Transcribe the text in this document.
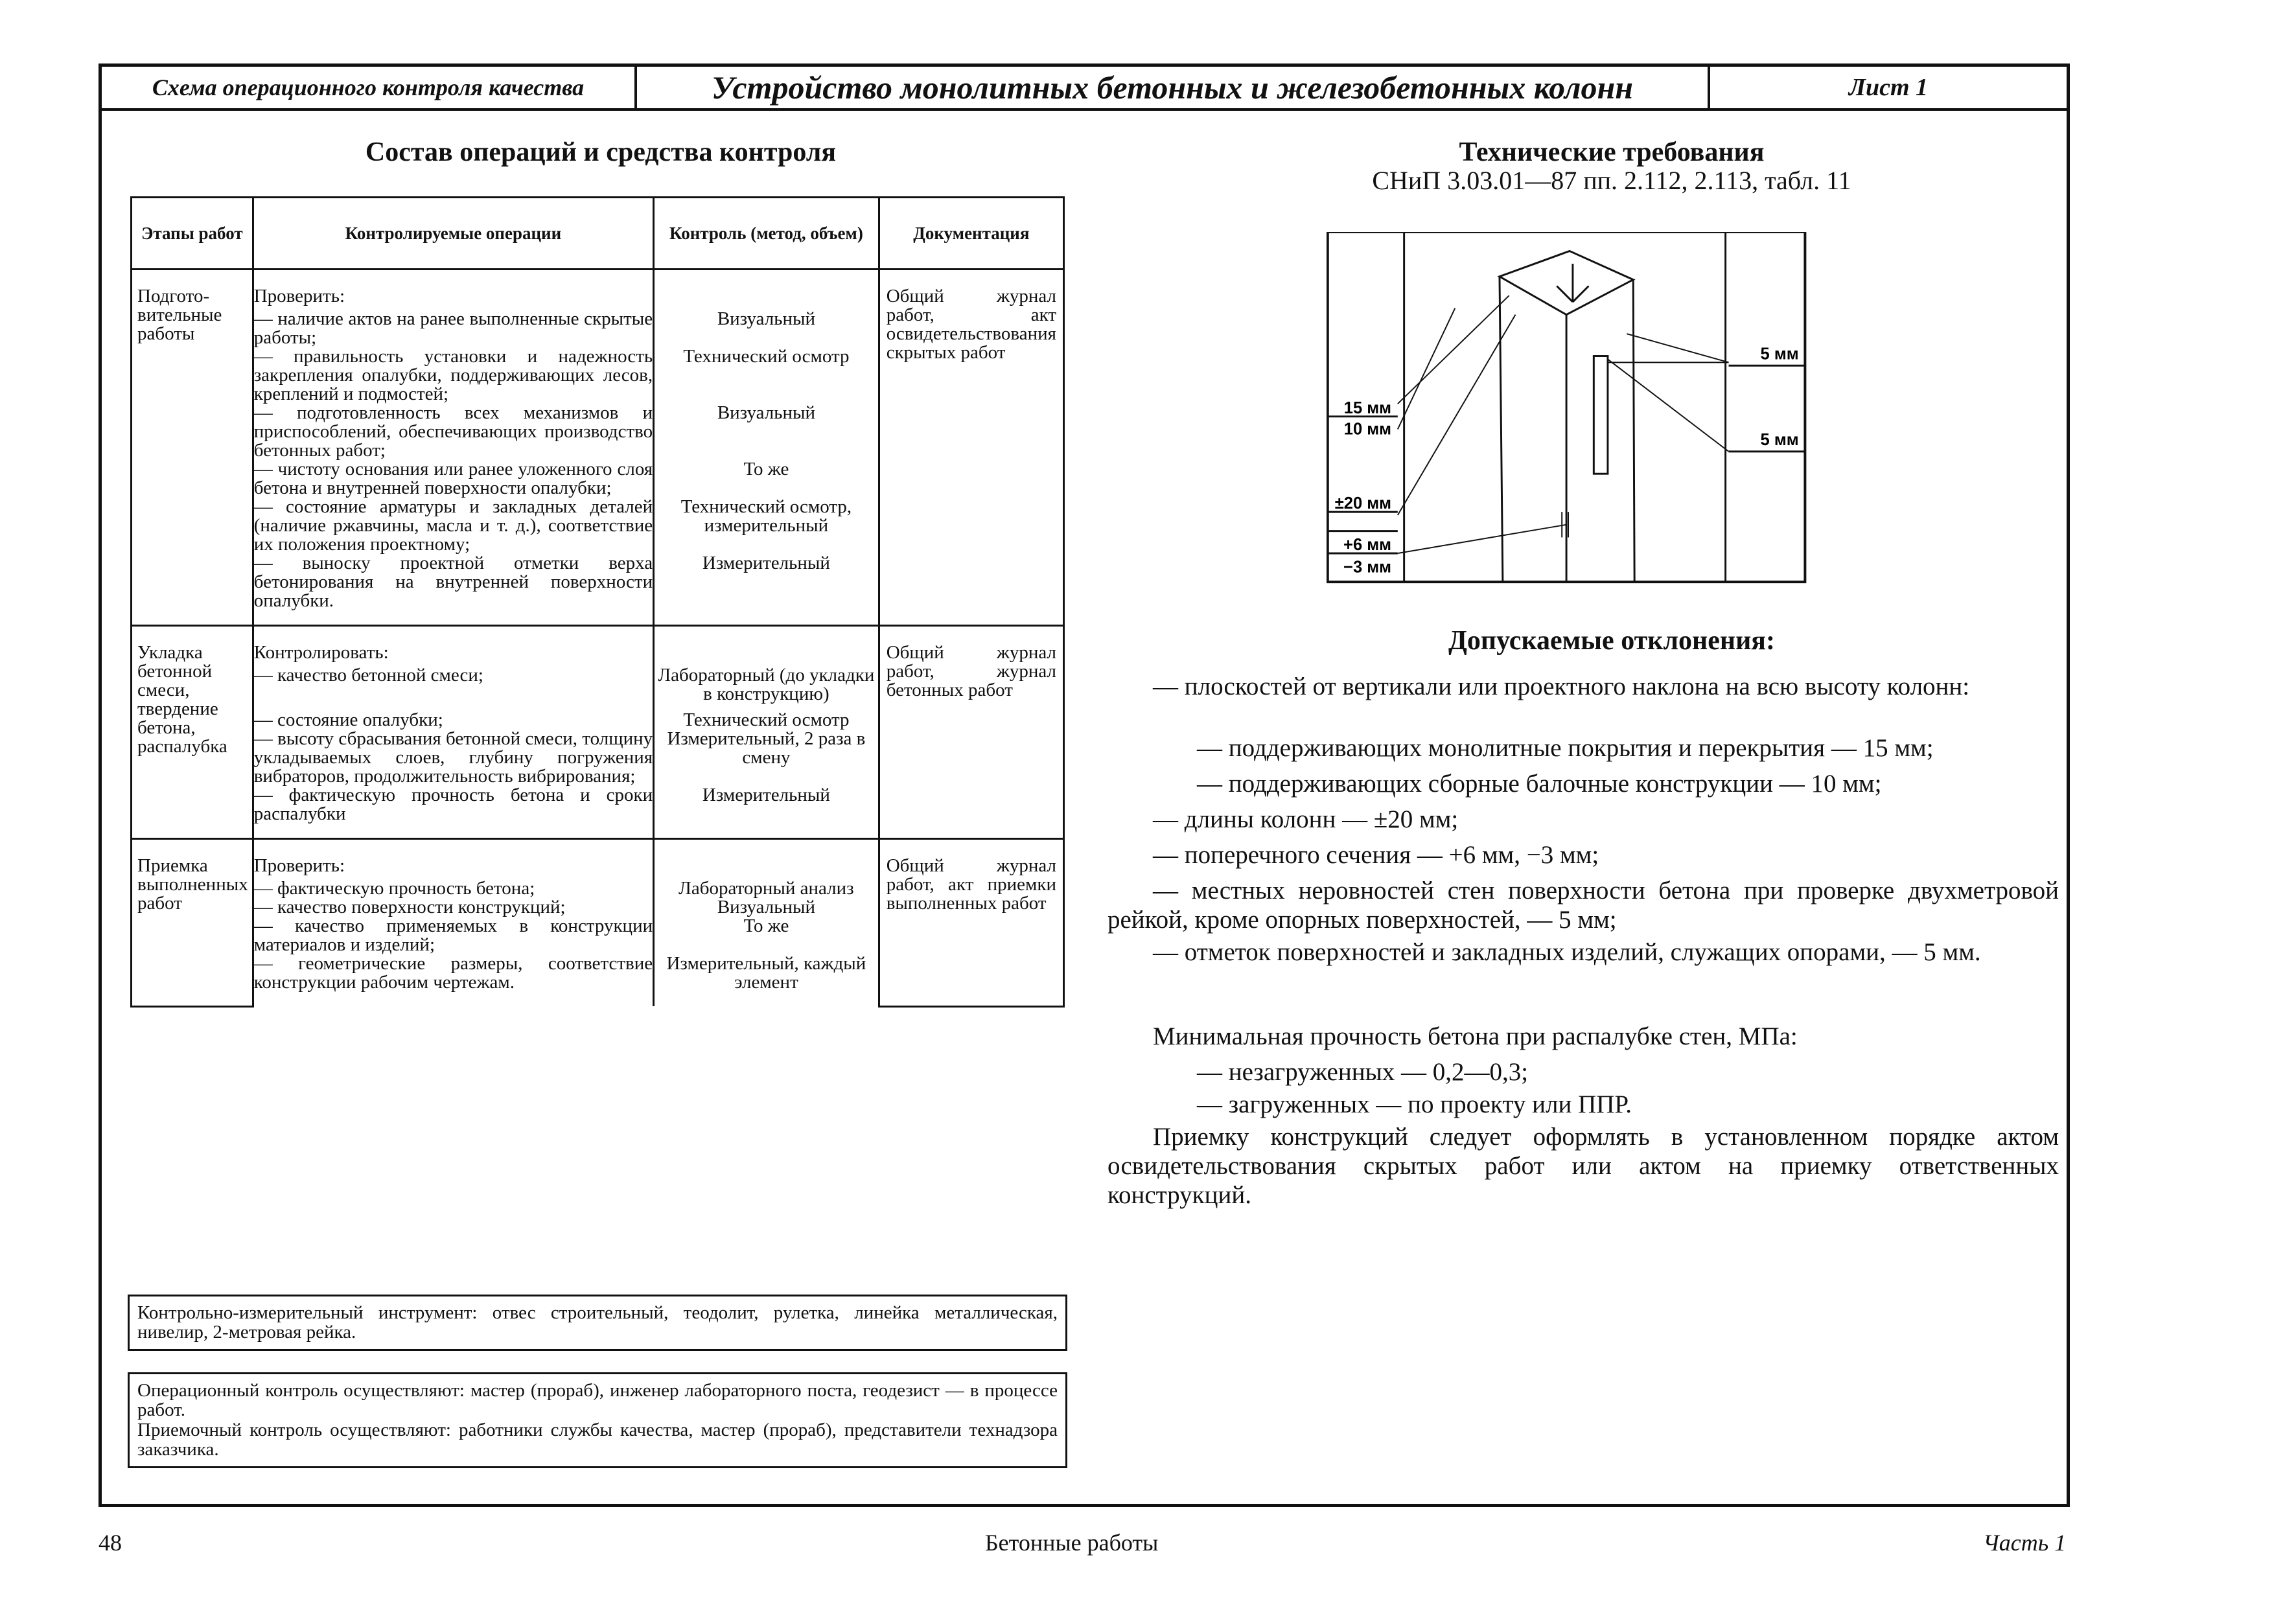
Схема операционного контроля качества	Устройство монолитных бетонных и железобетонных колонн	Лист 1
Состав операций и средства контроля
Этапы работ	Контролируемые операции	Контроль (метод, объем)	Документация
Подгото-вительные работы	Проверить:		Общий журнал работ, акт освидетельствования скрытых работ
	— наличие актов на ранее выполненные скрытые работы;	Визуальный	
	— правильность установки и надежность закрепления опалубки, поддерживающих лесов, креплений и подмостей;	Технический осмотр	
	— подготовленность всех механизмов и приспособлений, обеспечивающих производство бетонных работ;	Визуальный	
	— чистоту основания или ранее уложенного слоя бетона и внутренней поверхности опалубки;	То же	
	— состояние арматуры и закладных деталей (наличие ржавчины, масла и т. д.), соответствие их положения проектному;	Технический осмотр, измерительный	
	— выноску проектной отметки верха бетонирования на внутренней поверхности опалубки.	Измерительный	
Укладка бетонной смеси, твердение бетона, распалубка	Контролировать:		Общий журнал работ, журнал бетонных работ
	— качество бетонной смеси;	Лабораторный (до укладки в конструкцию)	
	— состояние опалубки;	Технический осмотр	
	— высоту сбрасывания бетонной смеси, толщину укладываемых слоев, глубину погружения вибраторов, продолжительность вибрирования;	Измерительный, 2 раза в смену	
	— фактическую прочность бетона и сроки распалубки	Измерительный	
Приемка выполненных работ	Проверить:		Общий журнал работ, акт приемки выполненных работ
	— фактическую прочность бетона;	Лабораторный анализ	
	— качество поверхности конструкций;	Визуальный	
	— качество применяемых в конструкции материалов и изделий;	То же	
	— геометрические размеры, соответствие конструкции рабочим чертежам.	Измерительный, каждый элемент	
Контрольно-измерительный инструмент: отвес строительный, теодолит, рулетка, линейка металлическая, нивелир, 2-метровая рейка.
Операционный контроль осуществляют: мастер (прораб), инженер лабораторного поста, геодезист — в процессе работ.
Приемочный контроль осуществляют: работники службы качества, мастер (прораб), представители технадзора заказчика.
Технические требования
СНиП 3.03.01—87 пп. 2.112, 2.113, табл. 11
15 мм
10 мм
±20 мм
+6 мм
−3 мм
5 мм
5 мм
Допускаемые отклонения:
— плоскостей от вертикали или проектного наклона на всю высоту колонн:
— поддерживающих монолитные покрытия и перекрытия — 15 мм;
— поддерживающих сборные балочные конструкции — 10 мм;
— длины колонн — ±20 мм;
— поперечного сечения — +6 мм, −3 мм;
— местных неровностей стен поверхности бетона при проверке двухметровой рейкой, кроме опорных поверхностей, — 5 мм;
— отметок поверхностей и закладных изделий, служащих опорами, — 5 мм.
Минимальная прочность бетона при распалубке стен, МПа:
— незагруженных — 0,2—0,3;
— загруженных — по проекту или ППР.
Приемку конструкций следует оформлять в установленном порядке актом освидетельствования скрытых работ или актом на приемку ответственных конструкций.
48	Бетонные работы	Часть 1
